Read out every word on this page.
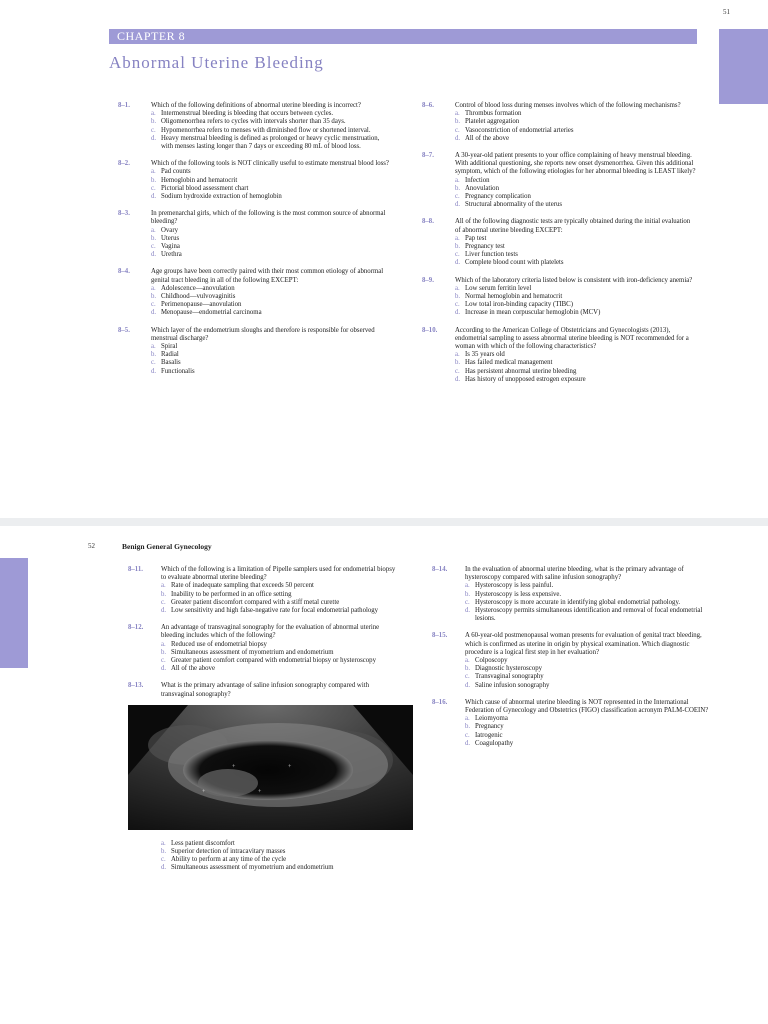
51
CHAPTER 8
Abnormal Uterine Bleeding
8–1.	Which of the following definitions of abnormal uterine bleeding is incorrect?
a. Intermenstrual bleeding is bleeding that occurs between cycles.
b. Oligomenorrhea refers to cycles with intervals shorter than 35 days.
c. Hypomenorrhea refers to menses with diminished flow or shortened interval.
d. Heavy menstrual bleeding is defined as prolonged or heavy cyclic menstruation, with menses lasting longer than 7 days or exceeding 80 mL of blood loss.
8–2.	Which of the following tools is NOT clinically useful to estimate menstrual blood loss?
a. Pad counts
b. Hemoglobin and hematocrit
c. Pictorial blood assessment chart
d. Sodium hydroxide extraction of hemoglobin
8–3.	In premenarchal girls, which of the following is the most common source of abnormal bleeding?
a. Ovary
b. Uterus
c. Vagina
d. Urethra
8–4.	Age groups have been correctly paired with their most common etiology of abnormal genital tract bleeding in all of the following EXCEPT:
a. Adolescence—anovulation
b. Childhood—vulvovaginitis
c. Perimenopause—anovulation
d. Menopause—endometrial carcinoma
8–5.	Which layer of the endometrium sloughs and therefore is responsible for observed menstrual discharge?
a. Spiral
b. Radial
c. Basalis
d. Functionalis
8–6.	Control of blood loss during menses involves which of the following mechanisms?
a. Thrombus formation
b. Platelet aggregation
c. Vasoconstriction of endometrial arteries
d. All of the above
8–7.	A 30-year-old patient presents to your office complaining of heavy menstrual bleeding. With additional questioning, she reports new onset dysmenorrhea. Given this additional symptom, which of the following etiologies for her abnormal bleeding is LEAST likely?
a. Infection
b. Anovulation
c. Pregnancy complication
d. Structural abnormality of the uterus
8–8.	All of the following diagnostic tests are typically obtained during the initial evaluation of abnormal uterine bleeding EXCEPT:
a. Pap test
b. Pregnancy test
c. Liver function tests
d. Complete blood count with platelets
8–9.	Which of the laboratory criteria listed below is consistent with iron-deficiency anemia?
a. Low serum ferritin level
b. Normal hemoglobin and hematocrit
c. Low total iron-binding capacity (TIBC)
d. Increase in mean corpuscular hemoglobin (MCV)
8–10.	According to the American College of Obstetricians and Gynecologists (2013), endometrial sampling to assess abnormal uterine bleeding is NOT recommended for a woman with which of the following characteristics?
a. Is 35 years old
b. Has failed medical management
c. Has persistent abnormal uterine bleeding
d. Has history of unopposed estrogen exposure
52	Benign General Gynecology
8–11.	Which of the following is a limitation of Pipelle samplers used for endometrial biopsy to evaluate abnormal uterine bleeding?
a. Rate of inadequate sampling that exceeds 50 percent
b. Inability to be performed in an office setting
c. Greater patient discomfort compared with a stiff metal curette
d. Low sensitivity and high false-negative rate for focal endometrial pathology
8–12.	An advantage of transvaginal sonography for the evaluation of abnormal uterine bleeding includes which of the following?
a. Reduced use of endometrial biopsy
b. Simultaneous assessment of myometrium and endometrium
c. Greater patient comfort compared with endometrial biopsy or hysteroscopy
d. All of the above
8–13.	What is the primary advantage of saline infusion sonography compared with transvaginal sonography?
+	+
+	+
a. Less patient discomfort
b. Superior detection of intracavitary masses
c. Ability to perform at any time of the cycle
d. Simultaneous assessment of myometrium and endometrium
8–14.	In the evaluation of abnormal uterine bleeding, what is the primary advantage of hysteroscopy compared with saline infusion sonography?
a. Hysteroscopy is less painful.
b. Hysteroscopy is less expensive.
c. Hysteroscopy is more accurate in identifying global endometrial pathology.
d. Hysteroscopy permits simultaneous identification and removal of focal endometrial lesions.
8–15.	A 60-year-old postmenopausal woman presents for evaluation of genital tract bleeding, which is confirmed as uterine in origin by physical examination. Which diagnostic procedure is a logical first step in her evaluation?
a. Colposcopy
b. Diagnostic hysteroscopy
c. Transvaginal sonography
d. Saline infusion sonography
8–16.	Which cause of abnormal uterine bleeding is NOT represented in the International Federation of Gynecology and Obstetrics (FIGO) classification acronym PALM-COEIN?
a. Leiomyoma
b. Pregnancy
c. Iatrogenic
d. Coagulopathy
